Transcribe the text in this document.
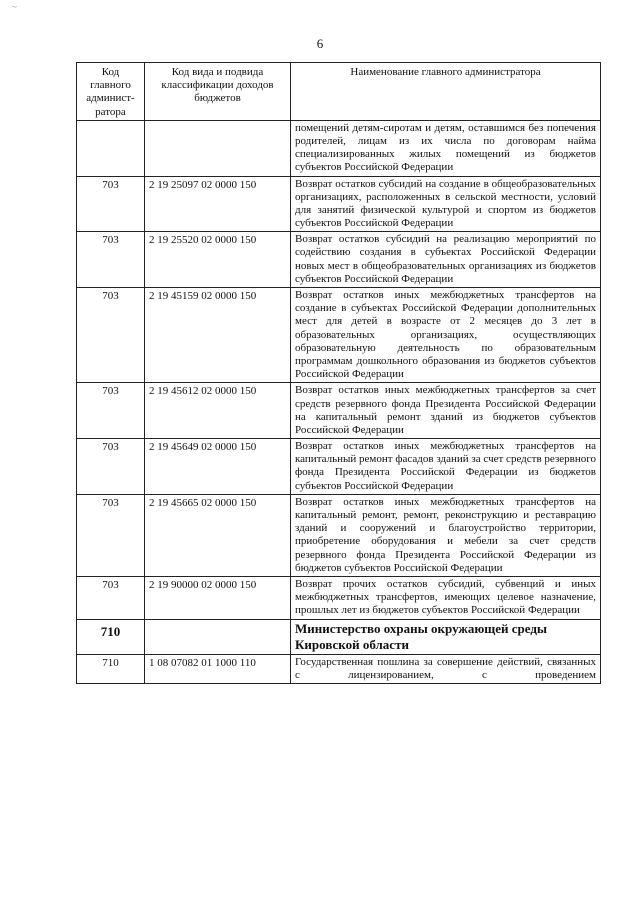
~
6
Код главного админист-ратора	Код вида и подвида классификации доходов бюджетов	Наименование главного администратора
		помещений детям-сиротам и детям, оставшимся без попечения родителей, лицам из их числа по договорам найма специализированных жилых помещений из бюджетов субъектов Российской Федерации
703	2 19 25097 02 0000 150	Возврат остатков субсидий на создание в общеобразовательных организациях, расположенных в сельской местности, условий для занятий физической культурой и спортом из бюджетов субъектов Российской Федерации
703	2 19 25520 02 0000 150	Возврат остатков субсидий на реализацию мероприятий по содействию создания в субъектах Российской Федерации новых мест в общеобразовательных организациях из бюджетов субъектов Российской Федерации
703	2 19 45159 02 0000 150	Возврат остатков иных межбюджетных трансфертов на создание в субъектах Российской Федерации дополнительных мест для детей в возрасте от 2 месяцев до 3 лет в образовательных организациях, осуществляющих образовательную деятельность по образовательным программам дошкольного образования из бюджетов субъектов Российской Федерации
703	2 19 45612 02 0000 150	Возврат остатков иных межбюджетных трансфертов за счет средств резервного фонда Президента Российской Федерации на капитальный ремонт зданий из бюджетов субъектов Российской Федерации
703	2 19 45649 02 0000 150	Возврат остатков иных межбюджетных трансфертов на капитальный ремонт фасадов зданий за счет средств резервного фонда Президента Российской Федерации из бюджетов субъектов Российской Федерации
703	2 19 45665 02 0000 150	Возврат остатков иных межбюджетных трансфертов на капитальный ремонт, ремонт, реконструкцию и реставрацию зданий и сооружений и благоустройство территории, приобретение оборудования и мебели за счет средств резервного фонда Президента Российской Федерации из бюджетов субъектов Российской Федерации
703	2 19 90000 02 0000 150	Возврат прочих остатков субсидий, субвенций и иных межбюджетных трансфертов, имеющих целевое назначение, прошлых лет из бюджетов субъектов Российской Федерации
710		Министерство охраны окружающей среды Кировской области
710	1 08 07082 01 1000 110	Государственная пошлина за совершение действий, связанных с лицензированием, с проведением
